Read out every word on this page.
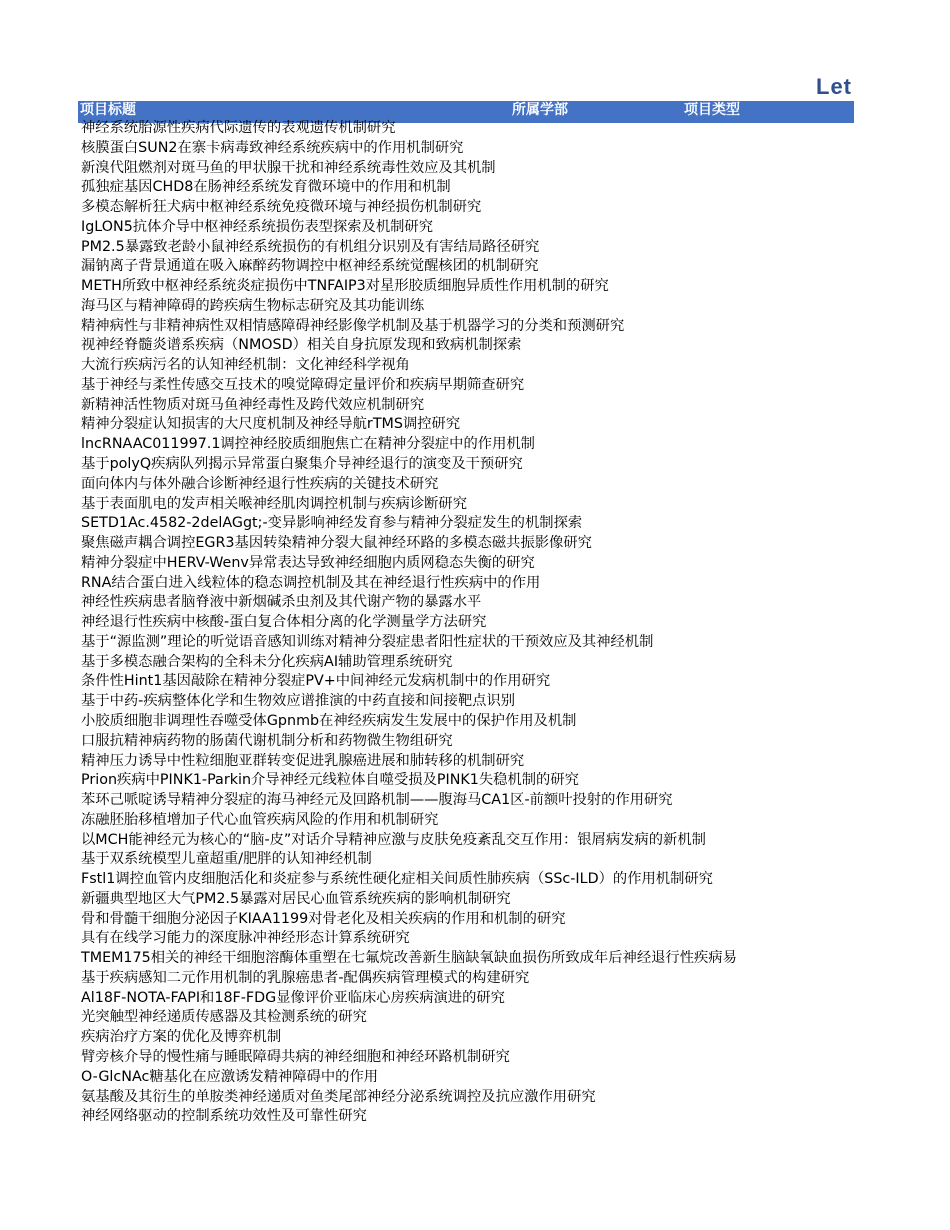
Let
项目标题	所属学部	项目类型
神经系统胎源性疾病代际遗传的表观遗传机制研究
核膜蛋白SUN2在寨卡病毒致神经系统疾病中的作用机制研究
新溴代阻燃剂对斑马鱼的甲状腺干扰和神经系统毒性效应及其机制
孤独症基因CHD8在肠神经系统发育微环境中的作用和机制
多模态解析狂犬病中枢神经系统免疫微环境与神经损伤机制研究
IgLON5抗体介导中枢神经系统损伤表型探索及机制研究
PM2.5暴露致老龄小鼠神经系统损伤的有机组分识别及有害结局路径研究
漏钠离子背景通道在吸入麻醉药物调控中枢神经系统觉醒核团的机制研究
METH所致中枢神经系统炎症损伤中TNFAIP3对星形胶质细胞异质性作用机制的研究
海马区与精神障碍的跨疾病生物标志研究及其功能训练
精神病性与非精神病性双相情感障碍神经影像学机制及基于机器学习的分类和预测研究
视神经脊髓炎谱系疾病（NMOSD）相关自身抗原发现和致病机制探索
大流行疾病污名的认知神经机制：文化神经科学视角
基于神经与柔性传感交互技术的嗅觉障碍定量评价和疾病早期筛查研究
新精神活性物质对斑马鱼神经毒性及跨代效应机制研究
精神分裂症认知损害的大尺度机制及神经导航rTMS调控研究
lncRNAAC011997.1调控神经胶质细胞焦亡在精神分裂症中的作用机制
基于polyQ疾病队列揭示异常蛋白聚集介导神经退行的演变及干预研究
面向体内与体外融合诊断神经退行性疾病的关键技术研究
基于表面肌电的发声相关喉神经肌肉调控机制与疾病诊断研究
SETD1Ac.4582-2delAGgt;-变异影响神经发育参与精神分裂症发生的机制探索
聚焦磁声耦合调控EGR3基因转染精神分裂大鼠神经环路的多模态磁共振影像研究
精神分裂症中HERV-Wenv异常表达导致神经细胞内质网稳态失衡的研究
RNA结合蛋白进入线粒体的稳态调控机制及其在神经退行性疾病中的作用
神经性疾病患者脑脊液中新烟碱杀虫剂及其代谢产物的暴露水平
神经退行性疾病中核酸-蛋白复合体相分离的化学测量学方法研究
基于“源监测”理论的听觉语音感知训练对精神分裂症患者阳性症状的干预效应及其神经机制
基于多模态融合架构的全科未分化疾病AI辅助管理系统研究
条件性Hint1基因敲除在精神分裂症PV+中间神经元发病机制中的作用研究
基于中药-疾病整体化学和生物效应谱推演的中药直接和间接靶点识别
小胶质细胞非调理性吞噬受体Gpnmb在神经疾病发生发展中的保护作用及机制
口服抗精神病药物的肠菌代谢机制分析和药物微生物组研究
精神压力诱导中性粒细胞亚群转变促进乳腺癌进展和肺转移的机制研究
Prion疾病中PINK1-Parkin介导神经元线粒体自噬受损及PINK1失稳机制的研究
苯环己哌啶诱导精神分裂症的海马神经元及回路机制——腹海马CA1区-前额叶投射的作用研究
冻融胚胎移植增加子代心血管疾病风险的作用和机制研究
以MCH能神经元为核心的“脑-皮”对话介导精神应激与皮肤免疫紊乱交互作用：银屑病发病的新机制
基于双系统模型儿童超重/肥胖的认知神经机制
Fstl1调控血管内皮细胞活化和炎症参与系统性硬化症相关间质性肺疾病（SSc-ILD）的作用机制研究
新疆典型地区大气PM2.5暴露对居民心血管系统疾病的影响机制研究
骨和骨髓干细胞分泌因子KIAA1199对骨老化及相关疾病的作用和机制的研究
具有在线学习能力的深度脉冲神经形态计算系统研究
TMEM175相关的神经干细胞溶酶体重塑在七氟烷改善新生脑缺氧缺血损伤所致成年后神经退行性疾病易
基于疾病感知二元作用机制的乳腺癌患者-配偶疾病管理模式的构建研究
Al18F-NOTA-FAPI和18F-FDG显像评价亚临床心房疾病演进的研究
光突触型神经递质传感器及其检测系统的研究
疾病治疗方案的优化及博弈机制
臂旁核介导的慢性痛与睡眠障碍共病的神经细胞和神经环路机制研究
O-GlcNAc糖基化在应激诱发精神障碍中的作用
氨基酸及其衍生的单胺类神经递质对鱼类尾部神经分泌系统调控及抗应激作用研究
神经网络驱动的控制系统功效性及可靠性研究
